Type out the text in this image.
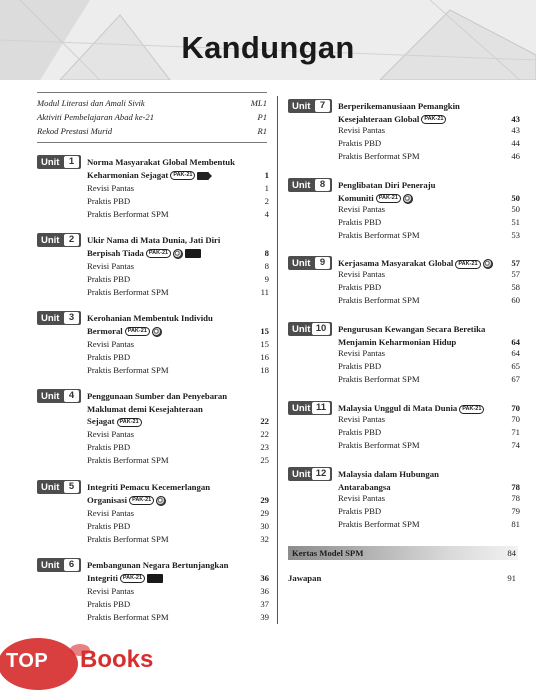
Kandungan
Modul Literasi dan Amali Sivik	ML1
Aktiviti Pembelajaran Abad ke-21	P1
Rekod Prestasi Murid	R1
Unit 1	Norma Masyarakat Global Membentuk
Keharmonian Sejagat PAK-21	1
Revisi Pantas	1
Praktis PBD	2
Praktis Berformat SPM	4
Unit 2	Ukir Nama di Mata Dunia, Jati Diri
Berpisah Tiada PAK-21	8
Revisi Pantas	8
Praktis PBD	9
Praktis Berformat SPM	11
Unit 3	Kerohanian Membentuk Individu
Bermoral PAK-21	15
Revisi Pantas	15
Praktis PBD	16
Praktis Berformat SPM	18
Unit 4	Penggunaan Sumber dan Penyebaran
Maklumat demi Kesejahteraan
Sejagat PAK-21	22
Revisi Pantas	22
Praktis PBD	23
Praktis Berformat SPM	25
Unit 5	Integriti Pemacu Kecemerlangan
Organisasi PAK-21	29
Revisi Pantas	29
Praktis PBD	30
Praktis Berformat SPM	32
Unit 6	Pembangunan Negara Bertunjangkan
Integriti PAK-21	36
Revisi Pantas	36
Praktis PBD	37
Praktis Berformat SPM	39
Unit 7	Berperikemanusiaan Pemangkin
Kesejahteraan Global PAK-21	43
Revisi Pantas	43
Praktis PBD	44
Praktis Berformat SPM	46
Unit 8	Penglibatan Diri Peneraju
Komuniti PAK-21	50
Revisi Pantas	50
Praktis PBD	51
Praktis Berformat SPM	53
Unit 9	Kerjasama Masyarakat Global PAK-21	57
Revisi Pantas	57
Praktis PBD	58
Praktis Berformat SPM	60
Unit 10	Pengurusan Kewangan Secara Beretika
Menjamin Keharmonian Hidup	64
Revisi Pantas	64
Praktis PBD	65
Praktis Berformat SPM	67
Unit 11	Malaysia Unggul di Mata Dunia PAK-21	70
Revisi Pantas	70
Praktis PBD	71
Praktis Berformat SPM	74
Unit 12	Malaysia dalam Hubungan
Antarabangsa	78
Revisi Pantas	78
Praktis PBD	79
Praktis Berformat SPM	81
Kertas Model SPM	84
Jawapan	91
TOP Books
